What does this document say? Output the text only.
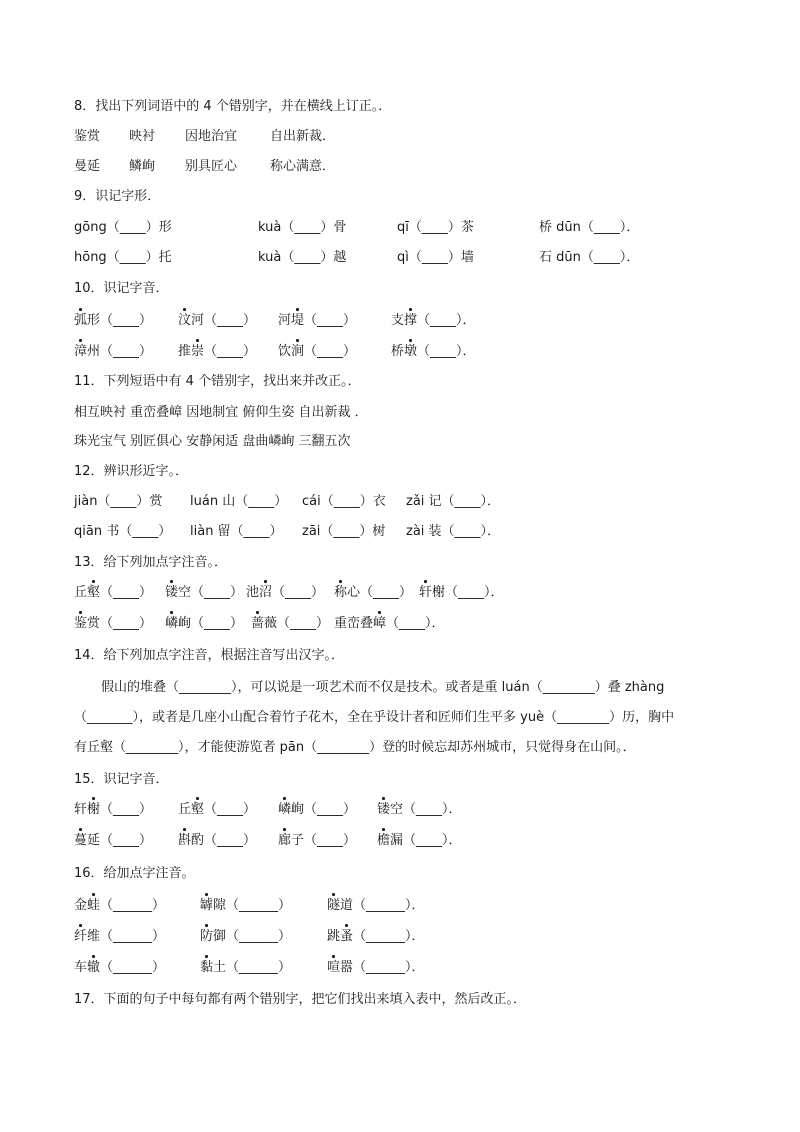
8．找出下列词语中的 4 个错别字，并在横线上订正。．
鉴赏 映衬 因地治宜	自出新裁．
曼延 鳞峋 别具匠心	称心满意．
9．识记字形．
gōng（____）形	kuà（____）骨	qī（____）茶	桥 dūn（____）．
hōng（____）托	kuà（____）越	qì（____）墙	石 dūn（____）．
10．识记字音．
弧形（____） 汶河（____） 河堤（____）	支撑（____）．
漳州（____） 推崇（____） 饮涧（____）	桥墩（____）．
11．下列短语中有 4 个错别字，找出来并改正。．
相互映衬 重峦叠嶂 因地制宜 俯仰生姿 自出新裁 ．
珠光宝气 别匠俱心 安静闲适 盘曲嶙峋 三翻五次
12．辨识形近字。．
jiàn（____）赏 luán 山（____） cái（____）衣 zǎi 记（____）．
qiān 书（____） liàn 留（____） zāi（____）树 zài 装（____）．
13．给下列加点字注音。．
丘壑（____） 镂空（____） 池沼（____） 称心（____） 轩榭（____）．
鉴赏（____） 嶙峋（____） 蔷薇（____） 重峦叠嶂（____）．
14．给下列加点字注音，根据注音写出汉字。．
假山的堆叠（________），可以说是一项艺术而不仅是技术。或者是重 luán（________）叠 zhàng
（_______），或者是几座小山配合着竹子花木，全在乎设计者和匠师们生平多 yuè（________）历，胸中
有丘壑（________），才能使游览者 pān（________）登的时候忘却苏州城市，只觉得身在山间。．
15．识记字音．
轩榭（____） 丘壑（____） 嶙峋（____） 镂空（____）．
蔓延（____） 斟酌（____） 廊子（____） 檐漏（____）．
16．给加点字注音。
金蛙（______）	罅隙（______）	隧道（______）．
纤维（______）	防御（______）	跳蚤（______）．
车辙（______）	黏土（______）	喧嚣（______）．
17．下面的句子中每句都有两个错别字，把它们找出来填入表中，然后改正。．
